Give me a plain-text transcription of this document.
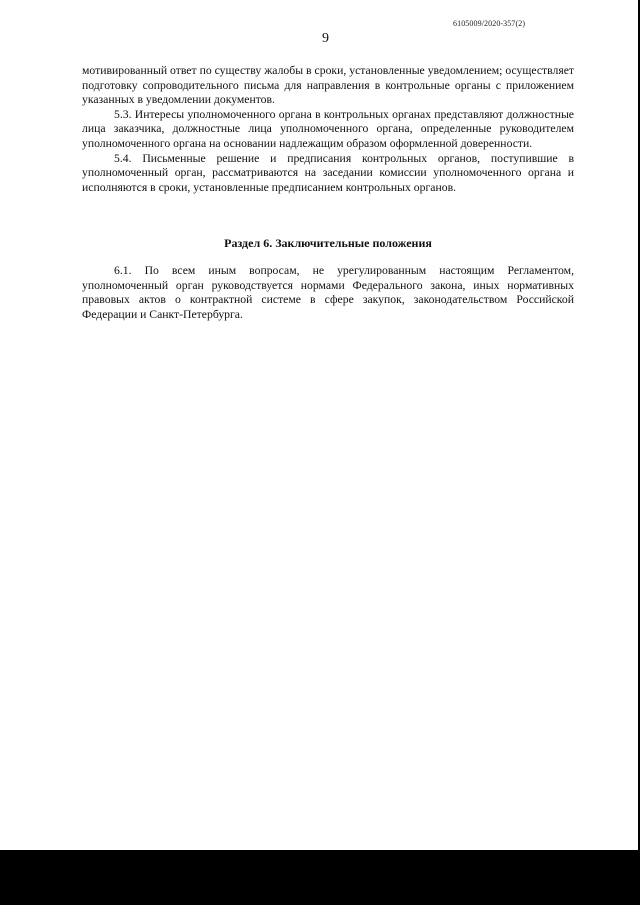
6105009/2020-357(2)
9

мотивированный ответ по существу жалобы в сроки, установленные уведомлением; осуществляет подготовку сопроводительного письма для направления в контрольные органы с приложением указанных в уведомлении документов.

5.3. Интересы уполномоченного органа в контрольных органах представляют должностные лица заказчика, должностные лица уполномоченного органа, определенные руководителем уполномоченного органа на основании надлежащим образом оформленной доверенности.

5.4. Письменные решение и предписания контрольных органов, поступившие в уполномоченный орган, рассматриваются на заседании комиссии уполномоченного органа и исполняются в сроки, установленные предписанием контрольных органов.

Раздел 6. Заключительные положения

6.1. По всем иным вопросам, не урегулированным настоящим Регламентом, уполномоченный орган руководствуется нормами Федерального закона, иных нормативных правовых актов о контрактной системе в сфере закупок, законодательством Российской Федерации и Санкт-Петербурга.
